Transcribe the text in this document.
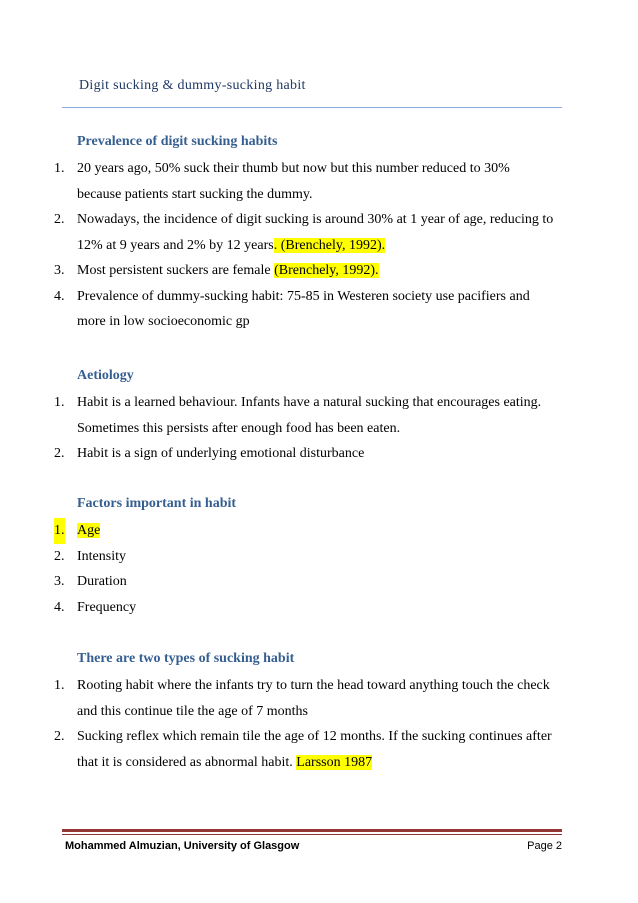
Digit sucking & dummy-sucking habit
Prevalence of digit sucking habits
1. 20 years ago, 50% suck their thumb but now but this number reduced to 30% because patients start sucking the dummy.
2. Nowadays, the incidence of digit sucking is around 30% at 1 year of age, reducing to 12% at 9 years and 2% by 12 years. (Brenchely, 1992).
3. Most persistent suckers are female (Brenchely, 1992).
4. Prevalence of dummy-sucking habit: 75-85 in Westeren society use pacifiers and more in low socioeconomic gp
Aetiology
1. Habit is a learned behaviour. Infants have a natural sucking that encourages eating. Sometimes this persists after enough food has been eaten.
2. Habit is a sign of underlying emotional disturbance
Factors important in habit
1. Age
2. Intensity
3. Duration
4. Frequency
There are two types of sucking habit
1. Rooting habit where the infants try to turn the head toward anything touch the check and this continue tile the age of 7 months
2. Sucking reflex which remain tile the age of 12 months. If the sucking continues after that it is considered as abnormal habit. Larsson 1987
Mohammed Almuzian, University of Glasgow	Page 2
